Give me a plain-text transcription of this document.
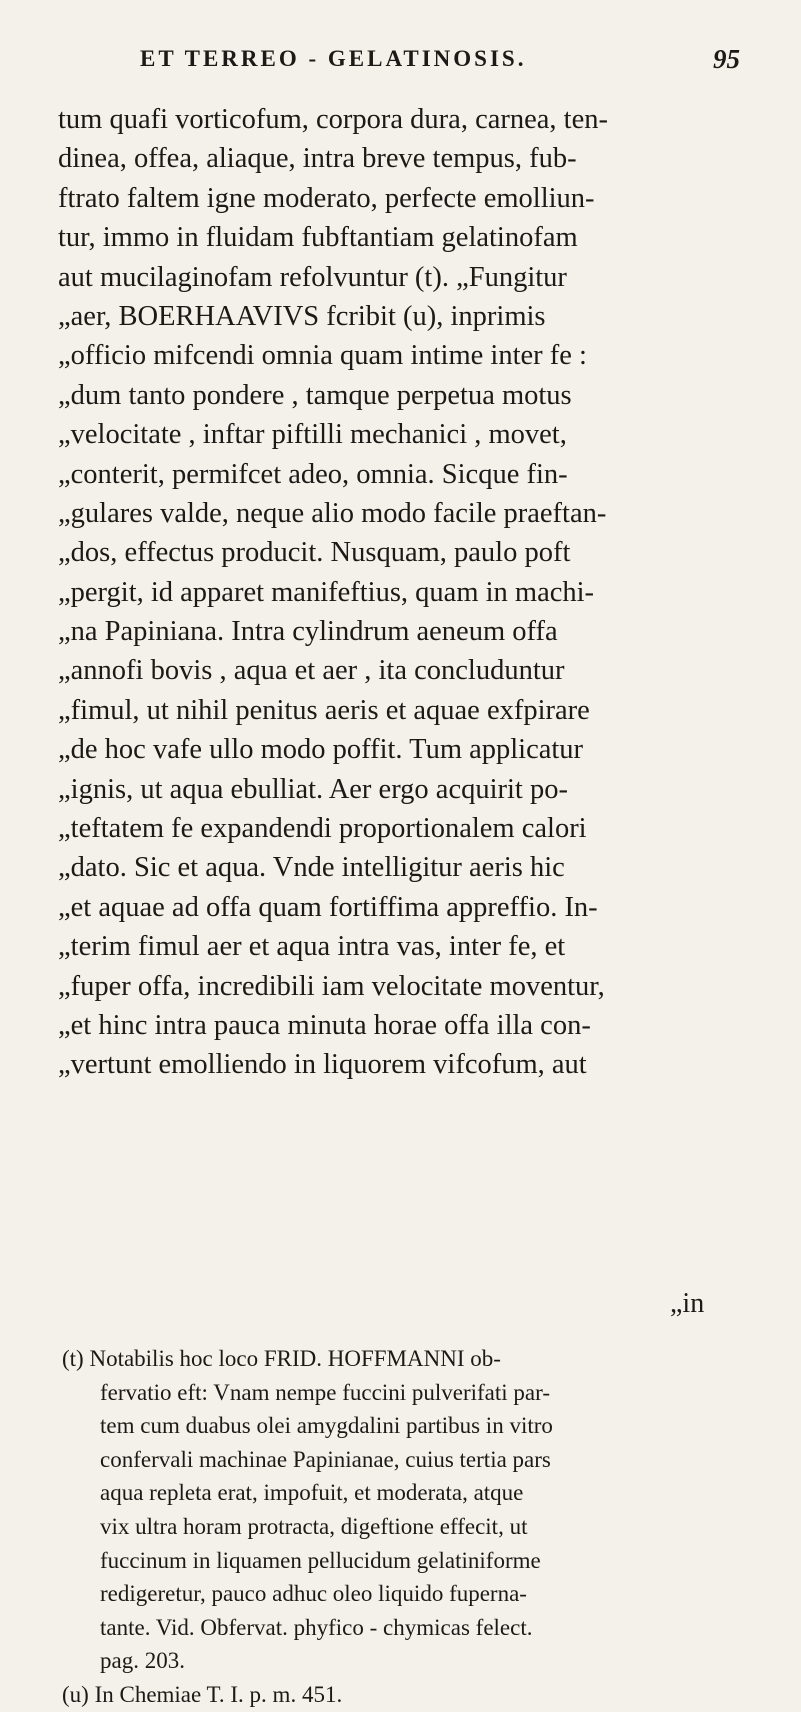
ET TERREO - GELATINOSIS.	95
tum quafi vorticofum, corpora dura, carnea, ten-
dinea, offea, aliaque, intra breve tempus, fub-
ftrato faltem igne moderato, perfecte emolliun-
tur, immo in fluidam fubftantiam gelatinofam
aut mucilaginofam refolvuntur (t). „Fungitur
„aer, BOERHAAVIVS fcribit (u), inprimis
„officio mifcendi omnia quam intime inter fe :
„dum tanto pondere , tamque perpetua motus
„velocitate , inftar piftilli mechanici , movet,
„conterit, permifcet adeo, omnia. Sicque fin-
„gulares valde, neque alio modo facile praeftan-
„dos, effectus producit. Nusquam, paulo poft
„pergit, id apparet manifeftius, quam in machi-
„na Papiniana. Intra cylindrum aeneum offa
„annofi bovis , aqua et aer , ita concluduntur
„fimul, ut nihil penitus aeris et aquae exfpirare
„de hoc vafe ullo modo poffit. Tum applicatur
„ignis, ut aqua ebulliat. Aer ergo acquirit po-
„teftatem fe expandendi proportionalem calori
„dato. Sic et aqua. Vnde intelligitur aeris hic
„et aquae ad offa quam fortiffima appreffio. In-
„terim fimul aer et aqua intra vas, inter fe, et
„fuper offa, incredibili iam velocitate moventur,
„et hinc intra pauca minuta horae offa illa con-
„vertunt emolliendo in liquorem vifcofum, aut
„in
(t) Notabilis hoc loco FRID. HOFFMANNI ob-
fervatio eft: Vnam nempe fuccini pulverifati par-
tem cum duabus olei amygdalini partibus in vitro
confervali machinae Papinianae, cuius tertia pars
aqua repleta erat, impofuit, et moderata, atque
vix ultra horam protracta, digeftione effecit, ut
fuccinum in liquamen pellucidum gelatiniforme
redigeretur, pauco adhuc oleo liquido fuperna-
tante. Vid. Obfervat. phyfico - chymicas felect.
pag. 203.
(u) In Chemiae T. I. p. m. 451.
